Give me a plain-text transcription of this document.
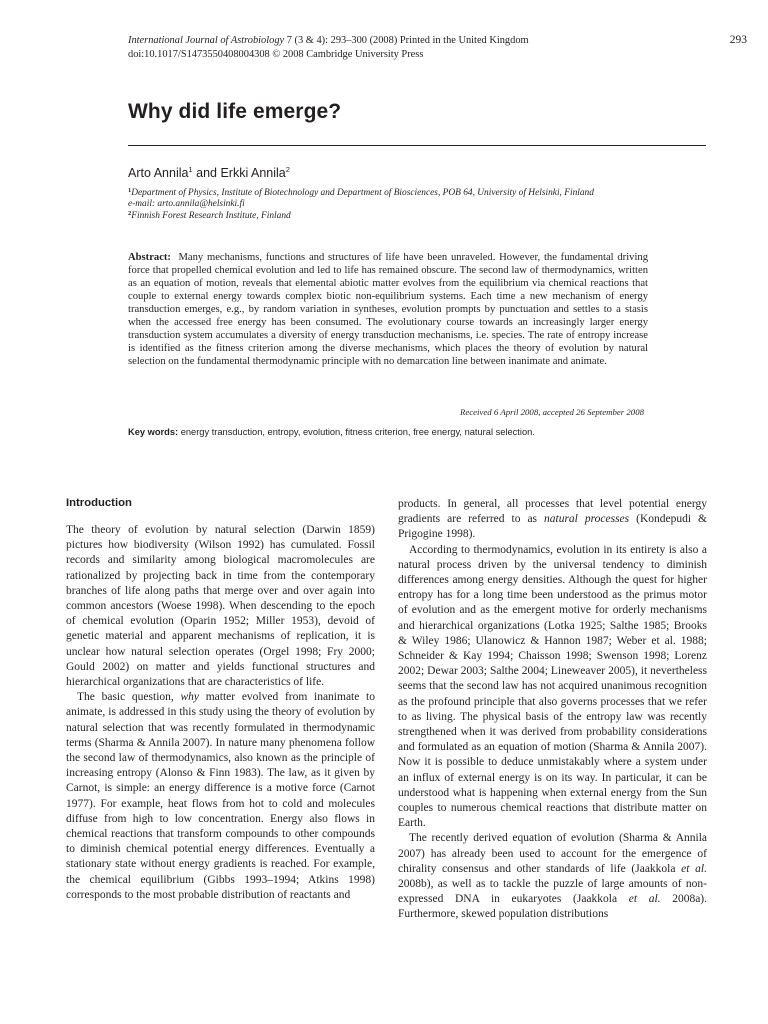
International Journal of Astrobiology 7 (3 & 4): 293–300 (2008) Printed in the United Kingdom
doi:10.1017/S1473550408004308 © 2008 Cambridge University Press
293
Why did life emerge?
Arto Annila$^1$ and Erkki Annila$^2$
$^1$Department of Physics, Institute of Biotechnology and Department of Biosciences, POB 64, University of Helsinki, Finland
e-mail: arto.annila@helsinki.fi
$^2$Finnish Forest Research Institute, Finland

Abstract:  Many mechanisms, functions and structures of life have been unraveled. However, the fundamental driving force that propelled chemical evolution and led to life has remained obscure. The second law of thermodynamics, written as an equation of motion, reveals that elemental abiotic matter evolves from the equilibrium via chemical reactions that couple to external energy towards complex biotic non-equilibrium systems. Each time a new mechanism of energy transduction emerges, e.g., by random variation in syntheses, evolution prompts by punctuation and settles to a stasis when the accessed free energy has been consumed. The evolutionary course towards an increasingly larger energy transduction system accumulates a diversity of energy transduction mechanisms, i.e. species. The rate of entropy increase is identified as the fitness criterion among the diverse mechanisms, which places the theory of evolution by natural selection on the fundamental thermodynamic principle with no demarcation line between inanimate and animate.

Received 6 April 2008, accepted 26 September 2008
Key words: energy transduction, entropy, evolution, fitness criterion, free energy, natural selection.
Introduction

The theory of evolution by natural selection (Darwin 1859) pictures how biodiversity (Wilson 1992) has cumulated. Fossil records and similarity among biological macromolecules are rationalized by projecting back in time from the contemporary branches of life along paths that merge over and over again into common ancestors (Woese 1998). When descending to the epoch of chemical evolution (Oparin 1952; Miller 1953), devoid of genetic material and apparent mechanisms of replication, it is unclear how natural selection operates (Orgel 1998; Fry 2000; Gould 2002) on matter and yields functional structures and hierarchical organizations that are characteristics of life.

The basic question, why matter evolved from inanimate to animate, is addressed in this study using the theory of evolution by natural selection that was recently formulated in thermodynamic terms (Sharma & Annila 2007). In nature many phenomena follow the second law of thermodynamics, also known as the principle of increasing entropy (Alonso & Finn 1983). The law, as it given by Carnot, is simple: an energy difference is a motive force (Carnot 1977). For example, heat flows from hot to cold and molecules diffuse from high to low concentration. Energy also flows in chemical reactions that transform compounds to other compounds to diminish chemical potential energy differences. Eventually a stationary state without energy gradients is reached. For example, the chemical equilibrium (Gibbs 1993–1994; Atkins 1998) corresponds to the most probable distribution of reactants and

products. In general, all processes that level potential energy gradients are referred to as natural processes (Kondepudi & Prigogine 1998).

According to thermodynamics, evolution in its entirety is also a natural process driven by the universal tendency to diminish differences among energy densities. Although the quest for higher entropy has for a long time been understood as the primus motor of evolution and as the emergent motive for orderly mechanisms and hierarchical organizations (Lotka 1925; Salthe 1985; Brooks & Wiley 1986; Ulanowicz & Hannon 1987; Weber et al. 1988; Schneider & Kay 1994; Chaisson 1998; Swenson 1998; Lorenz 2002; Dewar 2003; Salthe 2004; Lineweaver 2005), it nevertheless seems that the second law has not acquired unanimous recognition as the profound principle that also governs processes that we refer to as living. The physical basis of the entropy law was recently strengthened when it was derived from probability considerations and formulated as an equation of motion (Sharma & Annila 2007). Now it is possible to deduce unmistakably where a system under an influx of external energy is on its way. In particular, it can be understood what is happening when external energy from the Sun couples to numerous chemical reactions that distribute matter on Earth.

The recently derived equation of evolution (Sharma & Annila 2007) has already been used to account for the emergence of chirality consensus and other standards of life (Jaakkola et al. 2008b), as well as to tackle the puzzle of large amounts of non-expressed DNA in eukaryotes (Jaakkola et al. 2008a). Furthermore, skewed population distributions
